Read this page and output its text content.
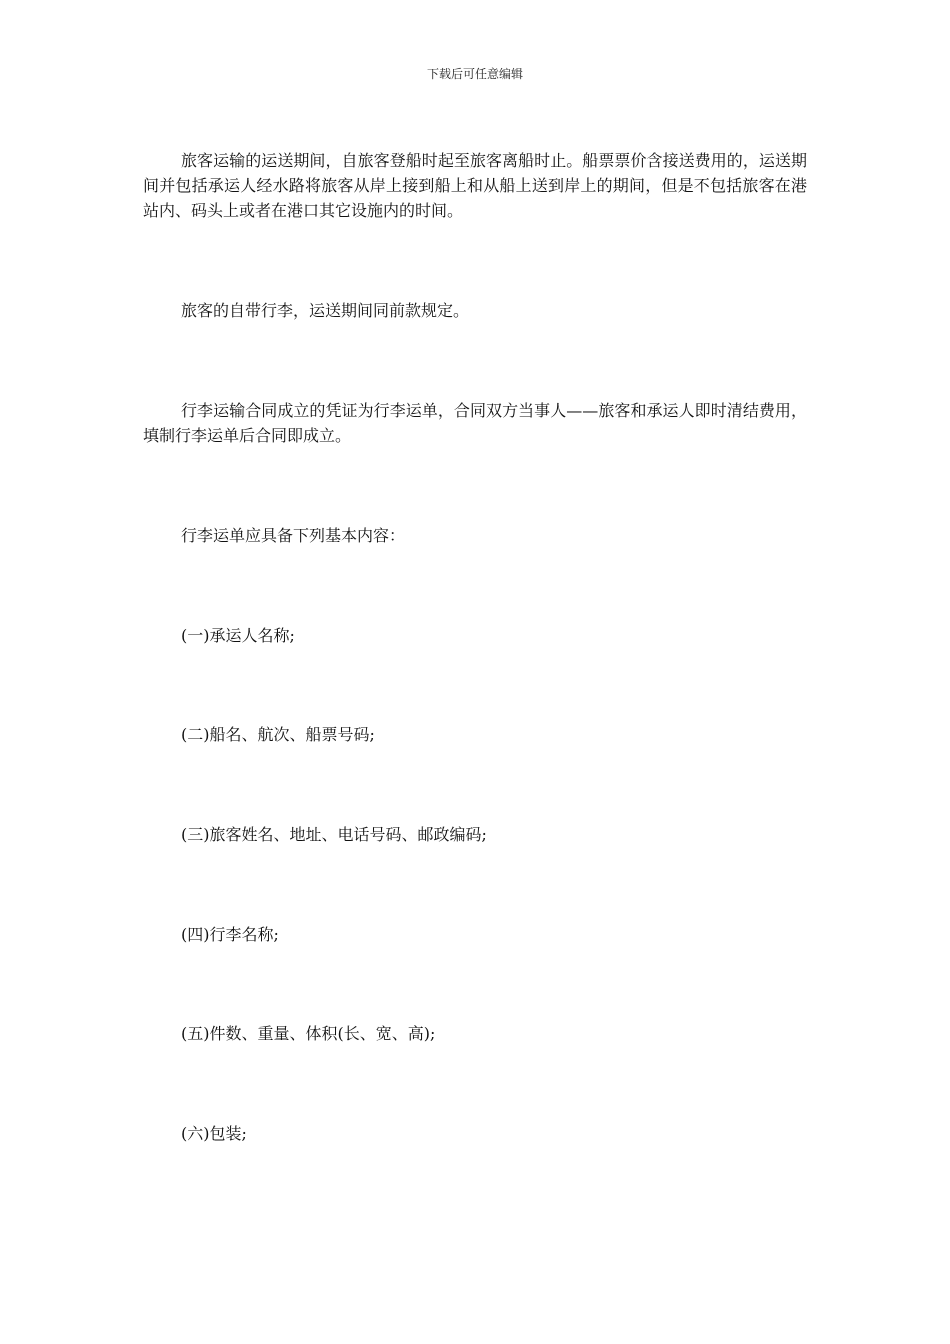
下载后可任意编辑

旅客运输的运送期间，自旅客登船时起至旅客离船时止。船票票价含接送费用的，运送期间并包括承运人经水路将旅客从岸上接到船上和从船上送到岸上的期间，但是不包括旅客在港站内、码头上或者在港口其它设施内的时间。

旅客的自带行李，运送期间同前款规定。

行李运输合同成立的凭证为行李运单，合同双方当事人——旅客和承运人即时清结费用，填制行李运单后合同即成立。

行李运单应具备下列基本内容：

(一)承运人名称;

(二)船名、航次、船票号码;

(三)旅客姓名、地址、电话号码、邮政编码;

(四)行李名称;

(五)件数、重量、体积(长、宽、高);

(六)包装;
